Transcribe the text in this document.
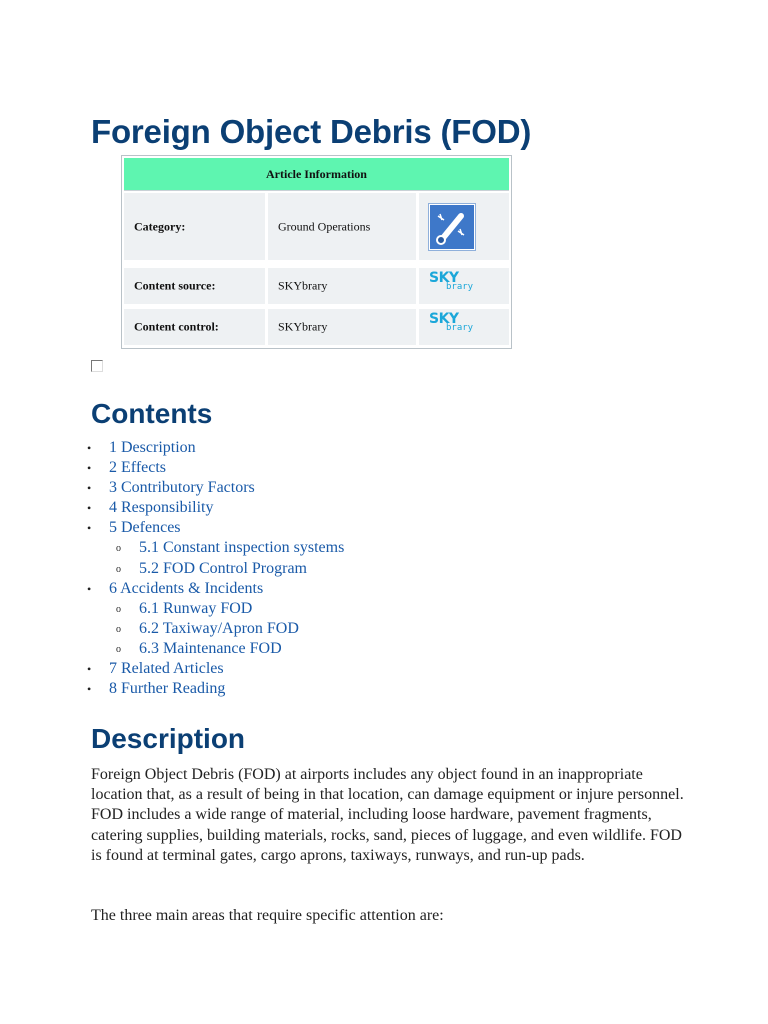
Foreign Object Debris (FOD)
Article Information
Category:	Ground Operations
Content source:	SKYbrary	SKY
brary
Content control:	SKYbrary	SKY
brary
Contents
• 1 Description
• 2 Effects
• 3 Contributory Factors
• 4 Responsibility
• 5 Defences
o 5.1 Constant inspection systems
o 5.2 FOD Control Program
• 6 Accidents & Incidents
o 6.1 Runway FOD
o 6.2 Taxiway/Apron FOD
o 6.3 Maintenance FOD
• 7 Related Articles
• 8 Further Reading
Description

Foreign Object Debris (FOD) at airports includes any object found in an inappropriate location that, as a result of being in that location, can damage equipment or injure personnel. FOD includes a wide range of material, including loose hardware, pavement fragments, catering supplies, building materials, rocks, sand, pieces of luggage, and even wildlife. FOD is found at terminal gates, cargo aprons, taxiways, runways, and run-up pads.

The three main areas that require specific attention are:
